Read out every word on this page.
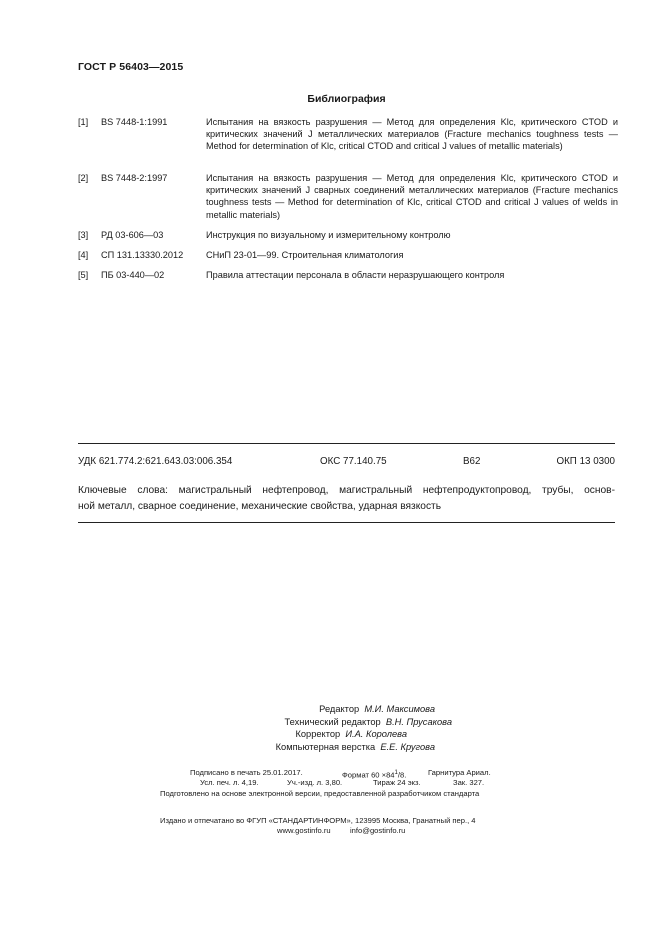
ГОСТ Р 56403—2015
Библиография
[1] BS 7448-1:1991	Испытания на вязкость разрушения — Метод для определения Klc, критического CTOD и критических значений J металлических материалов (Fracture mechanics toughness tests — Method for determination of Klc, critical CTOD and critical J values of metallic materials)
[2] BS 7448-2:1997	Испытания на вязкость разрушения — Метод для определения Klc, критического CTOD и критических значений J сварных соединений металлических материалов (Fracture mechanics toughness tests — Method for determination of Klc, critical CTOD and critical J values of welds in metallic materials)
[3] РД 03-606—03	Инструкция по визуальному и измерительному контролю
[4] СП 131.13330.2012 СНиП 23-01—99. Строительная климатология
[5] ПБ 03-440—02	Правила аттестации персонала в области неразрушающего контроля
УДК 621.774.2:621.643.03:006.354	ОКС 77.140.75	В62	ОКП 13 0300
Ключевые слова: магистральный нефтепровод, магистральный нефтепродуктопровод, трубы, основ-
ной металл, сварное соединение, механические свойства, ударная вязкость
Редактор М.И. Максимова
Технический редактор В.Н. Прусакова
Корректор И.А. Королева
Компьютерная верстка Е.Е. Кругова
Подписано в печать 25.01.2017.	Формат $60 \times 84^1/8$.	Гарнитура Ариал.
Усл. печ. л. 4,19.	Уч.-изд. л. 3,80.	Тираж 24 экз.	Зак. 327.
Подготовлено на основе электронной версии, предоставленной разработчиком стандарта
Издано и отпечатано во ФГУП «СТАНДАРТИНФОРМ», 123995 Москва, Гранатный пер., 4
www.gostinfo.ru	info@gostinfo.ru
